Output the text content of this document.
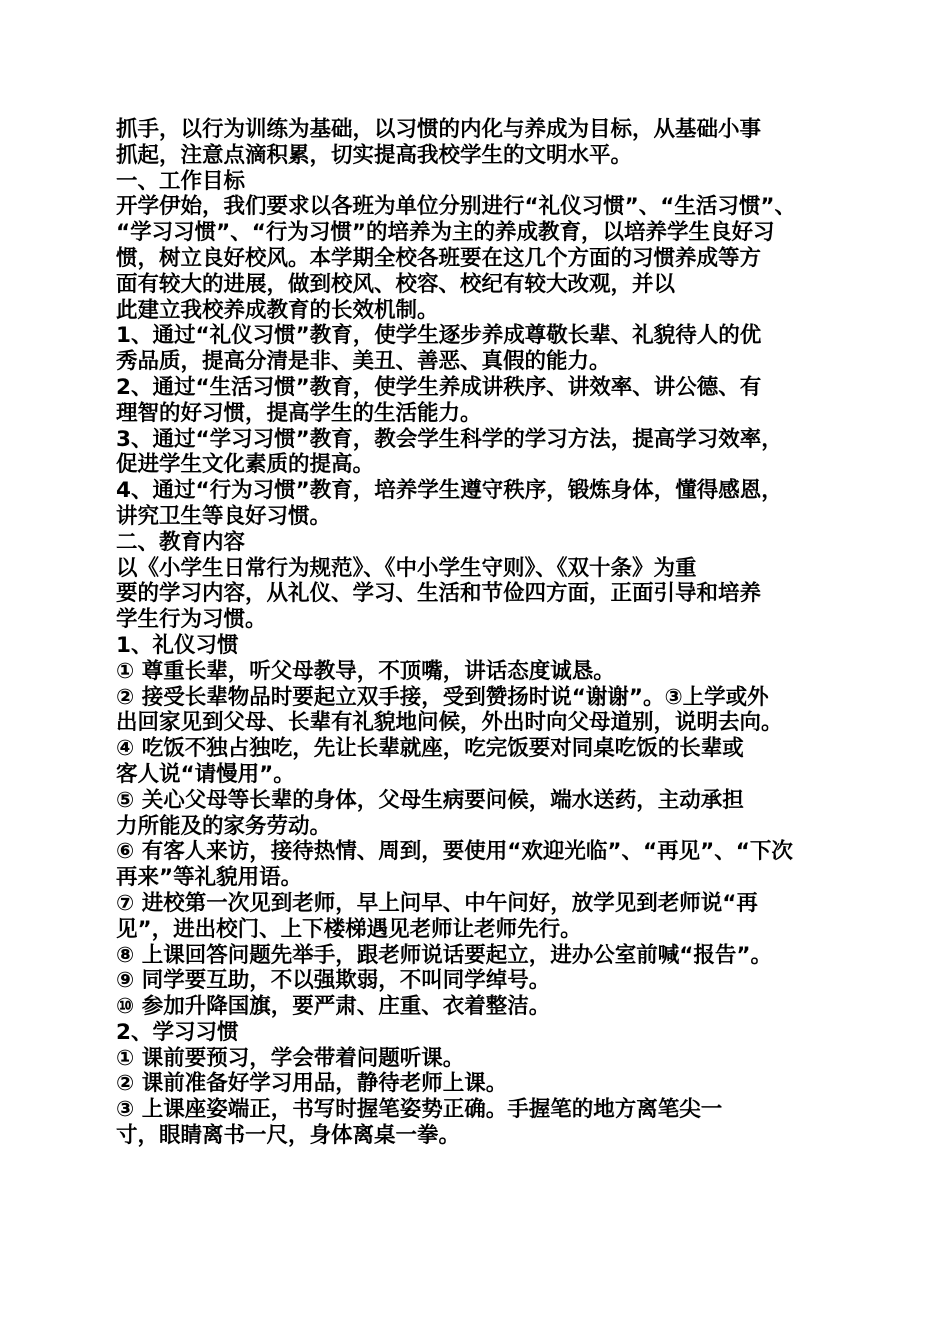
抓手，以行为训练为基础，以习惯的内化与养成为目标，从基础小事
抓起，注意点滴积累，切实提高我校学生的文明水平。
一、工作目标
开学伊始，我们要求以各班为单位分别进行“礼仪习惯”、“生活习惯”、
“学习习惯”、“行为习惯”的培养为主的养成教育，以培养学生良好习
惯，树立良好校风。本学期全校各班要在这几个方面的习惯养成等方
面有较大的进展，做到校风、校容、校纪有较大改观，并以
此建立我校养成教育的长效机制。
1、通过“礼仪习惯”教育，使学生逐步养成尊敬长辈、礼貌待人的优
秀品质，提高分清是非、美丑、善恶、真假的能力。
2、通过“生活习惯”教育，使学生养成讲秩序、讲效率、讲公德、有
理智的好习惯，提高学生的生活能力。
3、通过“学习习惯”教育，教会学生科学的学习方法，提高学习效率，
促进学生文化素质的提高。
4、通过“行为习惯”教育，培养学生遵守秩序，锻炼身体，懂得感恩，
讲究卫生等良好习惯。
二、教育内容
以《小学生日常行为规范》、《中小学生守则》、《双十条》为重
要的学习内容，从礼仪、学习、生活和节俭四方面，正面引导和培养
学生行为习惯。
1、礼仪习惯
① 尊重长辈，听父母教导，不顶嘴，讲话态度诚恳。
② 接受长辈物品时要起立双手接，受到赞扬时说“谢谢”。③上学或外
出回家见到父母、长辈有礼貌地问候，外出时向父母道别，说明去向。
④ 吃饭不独占独吃，先让长辈就座，吃完饭要对同桌吃饭的长辈或
客人说“请慢用”。
⑤ 关心父母等长辈的身体，父母生病要问候，端水送药，主动承担
力所能及的家务劳动。
⑥ 有客人来访，接待热情、周到，要使用“欢迎光临”、“再见”、“下次
再来”等礼貌用语。
⑦ 进校第一次见到老师，早上问早、中午问好，放学见到老师说“再
见”，进出校门、上下楼梯遇见老师让老师先行。
⑧ 上课回答问题先举手，跟老师说话要起立，进办公室前喊“报告”。
⑨ 同学要互助，不以强欺弱，不叫同学绰号。
⑩ 参加升降国旗，要严肃、庄重、衣着整洁。
2、学习习惯
① 课前要预习，学会带着问题听课。
② 课前准备好学习用品，静待老师上课。
③ 上课座姿端正，书写时握笔姿势正确。手握笔的地方离笔尖一
寸，眼睛离书一尺，身体离桌一拳。
